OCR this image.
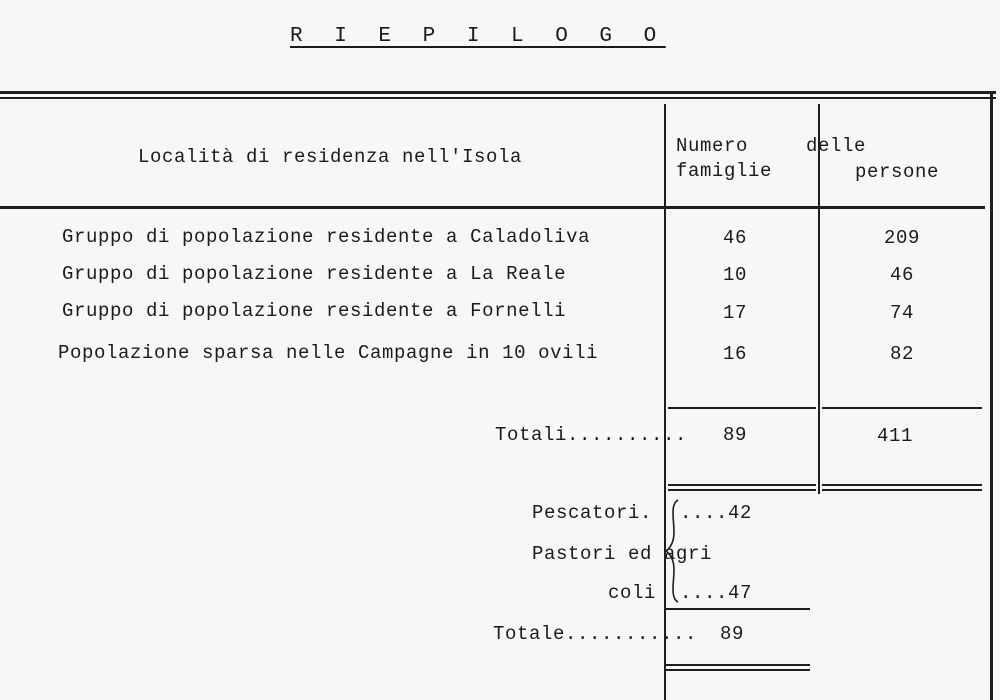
R I E P I L O G O
Località di residenza nell'Isola	Numero	delle
famiglie	persone
Gruppo di popolazione residente a Caladoliva	46	209
Gruppo di popolazione residente a La Reale	10	46
Gruppo di popolazione residente a Fornelli	17	74
Popolazione sparsa nelle Campagne in 10 ovili	16	82
Totali..........	89	411
Pescatori. ....42
Pastori ed agri
coli ....47
Totale........... 89
